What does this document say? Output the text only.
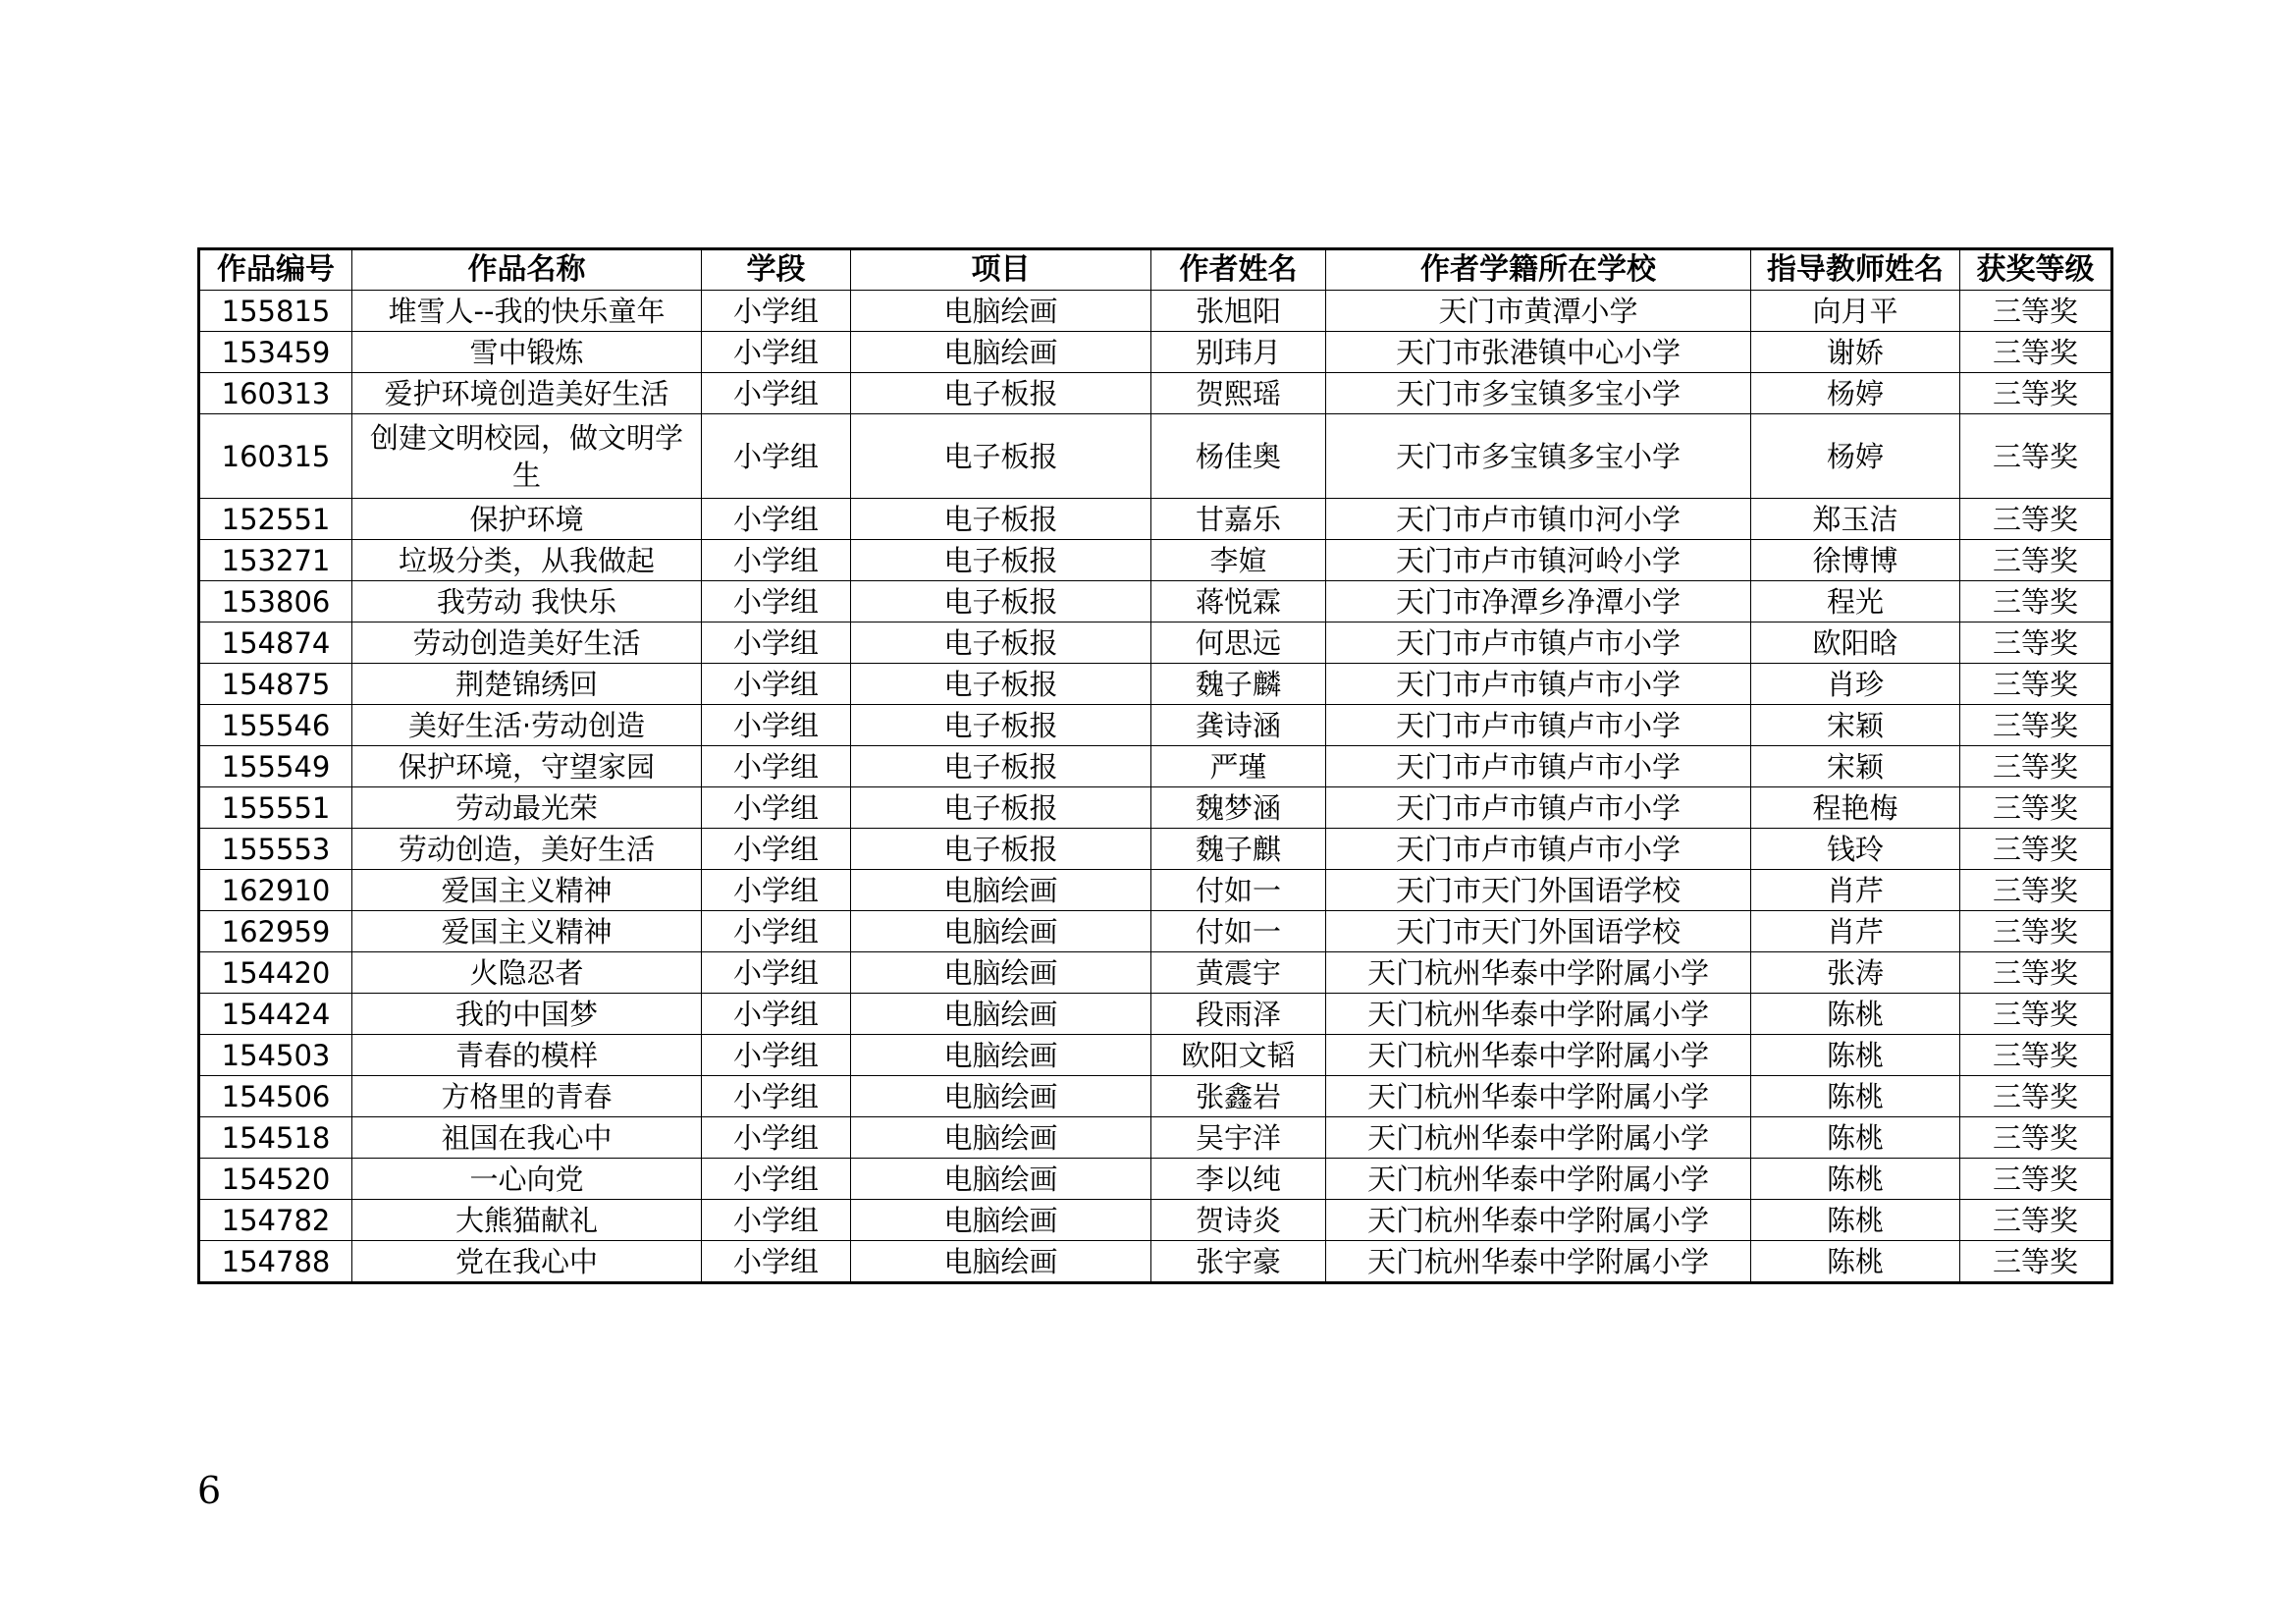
作品编号	作品名称	学段	项目	作者姓名	作者学籍所在学校	指导教师姓名	获奖等级
155815	堆雪人--我的快乐童年	小学组	电脑绘画	张旭阳	天门市黄潭小学	向月平	三等奖
153459	雪中锻炼	小学组	电脑绘画	别玮月	天门市张港镇中心小学	谢娇	三等奖
160313	爱护环境创造美好生活	小学组	电子板报	贺熙瑶	天门市多宝镇多宝小学	杨婷	三等奖
160315	创建文明校园，做文明学生	小学组	电子板报	杨佳奥	天门市多宝镇多宝小学	杨婷	三等奖
152551	保护环境	小学组	电子板报	甘嘉乐	天门市卢市镇巾河小学	郑玉洁	三等奖
153271	垃圾分类，从我做起	小学组	电子板报	李媗	天门市卢市镇河岭小学	徐博博	三等奖
153806	我劳动 我快乐	小学组	电子板报	蒋悦霖	天门市净潭乡净潭小学	程光	三等奖
154874	劳动创造美好生活	小学组	电子板报	何思远	天门市卢市镇卢市小学	欧阳晗	三等奖
154875	荆楚锦绣回	小学组	电子板报	魏子麟	天门市卢市镇卢市小学	肖珍	三等奖
155546	美好生活·劳动创造	小学组	电子板报	龚诗涵	天门市卢市镇卢市小学	宋颖	三等奖
155549	保护环境，守望家园	小学组	电子板报	严瑾	天门市卢市镇卢市小学	宋颖	三等奖
155551	劳动最光荣	小学组	电子板报	魏梦涵	天门市卢市镇卢市小学	程艳梅	三等奖
155553	劳动创造，美好生活	小学组	电子板报	魏子麒	天门市卢市镇卢市小学	钱玲	三等奖
162910	爱国主义精神	小学组	电脑绘画	付如一	天门市天门外国语学校	肖芹	三等奖
162959	爱国主义精神	小学组	电脑绘画	付如一	天门市天门外国语学校	肖芹	三等奖
154420	火隐忍者	小学组	电脑绘画	黄震宇	天门杭州华泰中学附属小学	张涛	三等奖
154424	我的中国梦	小学组	电脑绘画	段雨泽	天门杭州华泰中学附属小学	陈桃	三等奖
154503	青春的模样	小学组	电脑绘画	欧阳文韬	天门杭州华泰中学附属小学	陈桃	三等奖
154506	方格里的青春	小学组	电脑绘画	张鑫岩	天门杭州华泰中学附属小学	陈桃	三等奖
154518	祖国在我心中	小学组	电脑绘画	吴宇洋	天门杭州华泰中学附属小学	陈桃	三等奖
154520	一心向党	小学组	电脑绘画	李以纯	天门杭州华泰中学附属小学	陈桃	三等奖
154782	大熊猫献礼	小学组	电脑绘画	贺诗炎	天门杭州华泰中学附属小学	陈桃	三等奖
154788	党在我心中	小学组	电脑绘画	张宇豪	天门杭州华泰中学附属小学	陈桃	三等奖
6
